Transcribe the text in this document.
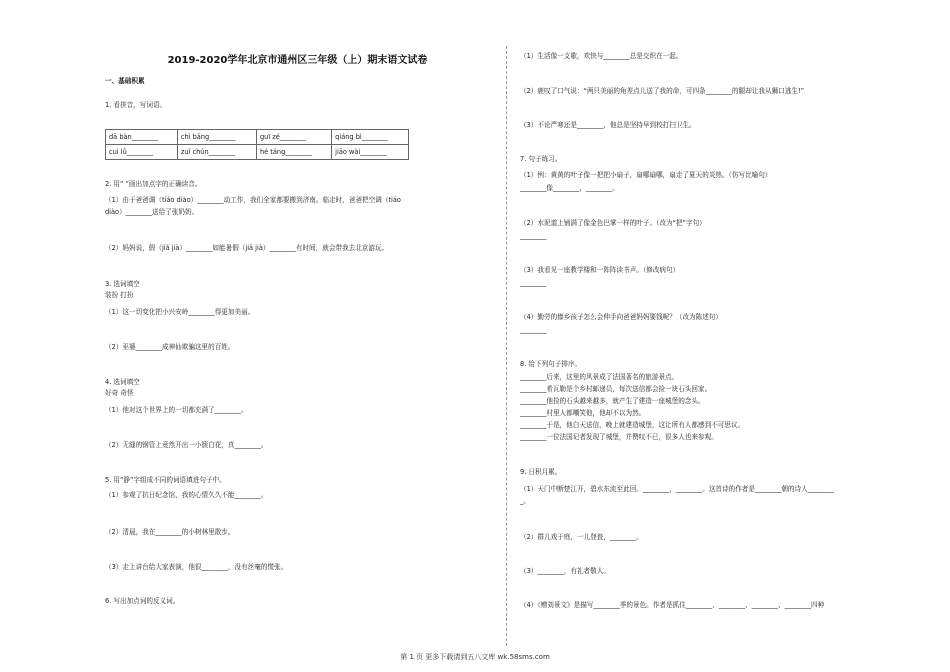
2019-2020学年北京市通州区三年级（上）期末语文试卷
一、基础积累
1. 看拼音，写词语。
dā bàn________	chì bǎng________	guī zé________	qiáng bì________
cuì lǜ________	zuǐ chún________	hé táng________	jiāo wài________
2. 用“ ”画出加点字的正确读音。
（1）由于爸爸调（tiáo diào）________动工作，我们全家都要搬到济南。临走时，爸爸把空调（tiáo
diào）________送给了张奶奶。
（2）妈妈说，假（jiǎ jià）________如能暑假（jiǎ jià）________有时间，就会带我去北京游玩。
3. 选词填空
装扮 打扮
（1）这一切变化把小兴安岭________得更加美丽。
（2）巫婆________成神仙欺骗这里的百姓。
4. 选词填空
好奇 奇怪
（1）他对这个世界上的一切都充满了________。
（2）无缝的钢管上竟然开出一小簇白花，真________。
5. 用“静”字组成不同的词语填进句子中。
（1）参观了抗日纪念馆，我的心情久久不能________。
（2）清晨，我在________的小树林里散步。
（3）走上讲台给大家表演，他很________，没有丝毫的慌张。
6. 写出加点词的反义词。
（1）生活像一支歌，欢快与________总是交织在一起。
（2）鹿叹了口气说：“两只美丽的角差点儿送了我的命，可四条________的腿却让我从狮口逃生!”
（3）不论严寒还是________，他总是坚持早到校打扫卫生。
7. 句子练习。
（1）例：黄黄的叶子像一把把小扇子，扇哪扇哪，扇走了夏天的炎热。（仿写比喻句）
________像________，________。
（2）水泥道上铺满了像金色巴掌一样的叶子。（改为“把”字句）
________
（3）我看见一座教学楼和一阵阵读书声。（修改病句）
________
（4）勤劳的傣乡孩子怎么会伸手向爸爸妈妈要钱呢？（改为陈述句）
________
8. 给下列句子排序。
________后来，这里的风景成了法国著名的旅游景点。
________希瓦勒是个乡村邮递员，每次送信都会捡一块石头回家。
________他捡的石头越来越多，就产生了建造一座城堡的念头。
________村里人都嘲笑他，他却不以为然。
________于是，他白天送信，晚上就建造城堡，这让所有人都感到不可思议。
________一位法国记者发现了城堡，并赞叹不已，很多人也来参观。
9. 日积月累。
（1）天门中断楚江开，碧水东流至此回。________，________。这首诗的作者是________朝的诗人________
_。
（2）群儿戏于庭，一儿登瓮，________。
（3）________，有礼者敬人。
（4）《赠刘景文》是描写________季的景色。作者是抓住________、________、________、________四种
第 1 页 更多下载请到五八文库 wk.58sms.com
